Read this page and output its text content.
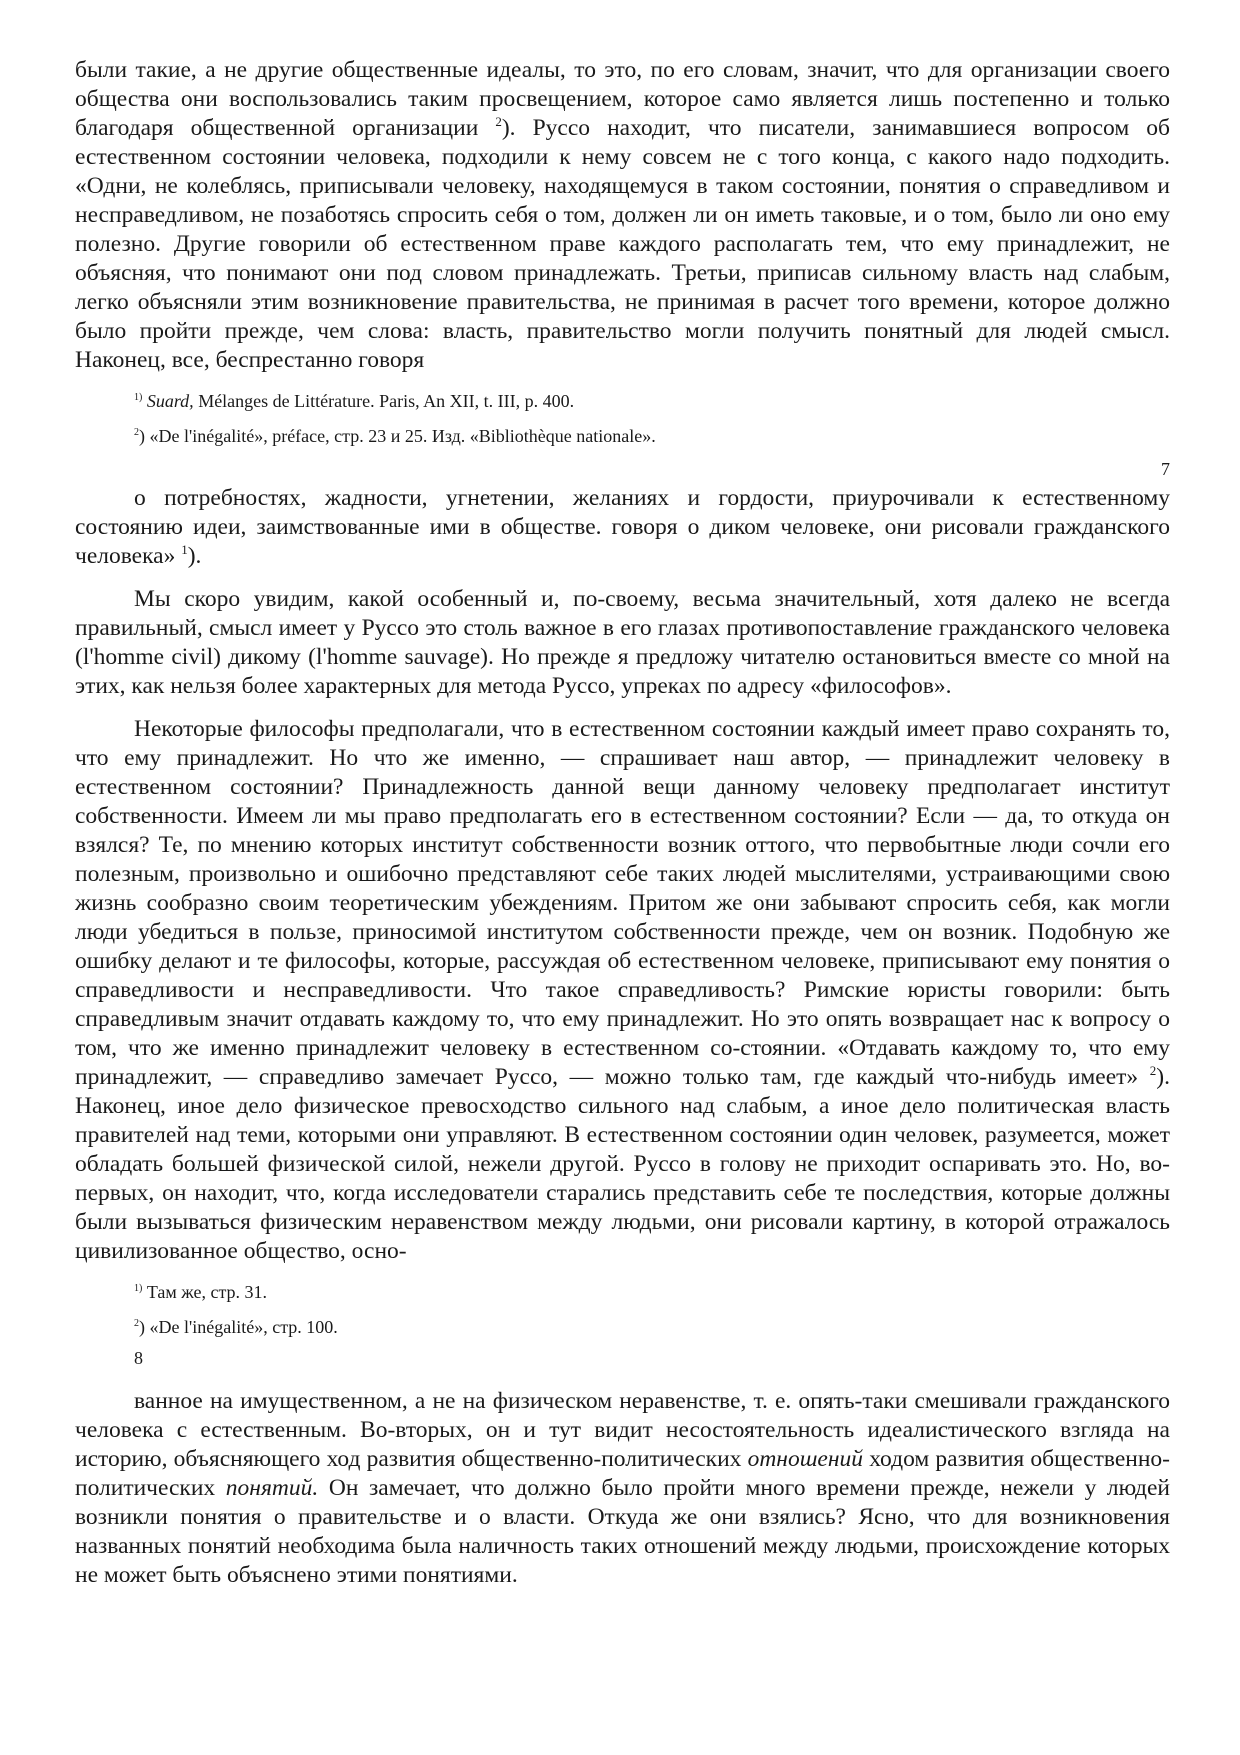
были такие, а не другие общественные идеалы, то это, по его словам, значит, что для организации своего общества они воспользовались таким просвещением, которое само является лишь постепенно и только благодаря общественной организации $^2$). Руссо находит, что писатели, занимавшиеся вопросом об естественном состоянии человека, подходили к нему совсем не с того конца, с какого надо подходить. «Одни, не колеблясь, приписывали человеку, находящемуся в таком состоянии, понятия о справедливом и несправедливом, не позаботясь спросить себя о том, должен ли он иметь таковые, и о том, было ли оно ему полезно. Другие говорили об естественном праве каждого располагать тем, что ему принадлежит, не объясняя, что понимают они под словом принадлежать. Третьи, приписав сильному власть над слабым, легко объясняли этим возникновение правительства, не принимая в расчет того времени, которое должно было пройти прежде, чем слова: власть, правительство могли получить понятный для людей смысл. Наконец, все, беспрестанно говоря

$^{1)}$ Suard, Mélanges de Littérature. Paris, An XII, t. III, p. 400.

$^2$) «De l'inégalité», préface, стр. 23 и 25. Изд. «Bibliothèque nationale».

7

о потребностях, жадности, угнетении, желаниях и гордости, приурочивали к естественному состоянию идеи, заимствованные ими в обществе. говоря о диком человеке, они рисовали гражданского человека» $^1$).

Мы скоро увидим, какой особенный и, по-своему, весьма значительный, хотя далеко не всегда правильный, смысл имеет у Руссо это столь важное в его глазах противопоставление гражданского человека (l'homme civil) дикому (l'homme sauvage). Но прежде я предложу читателю остановиться вместе со мной на этих, как нельзя более характерных для метода Руссо, упреках по адресу «философов».

Некоторые философы предполагали, что в естественном состоянии каждый имеет право сохранять то, что ему принадлежит. Но что же именно, — спрашивает наш автор, — принадлежит человеку в естественном состоянии? Принадлежность данной вещи данному человеку предполагает институт собственности. Имеем ли мы право предполагать его в естественном состоянии? Если — да, то откуда он взялся? Те, по мнению которых институт собственности возник оттого, что первобытные люди сочли его полезным, произвольно и ошибочно представляют себе таких людей мыслителями, устраивающими свою жизнь сообразно своим теоретическим убеждениям. Притом же они забывают спросить себя, как могли люди убедиться в пользе, приносимой институтом собственности прежде, чем он возник. Подобную же ошибку делают и те философы, которые, рассуждая об естественном человеке, приписывают ему понятия о справедливости и несправедливости. Что такое справедливость? Римские юристы говорили: быть справедливым значит отдавать каждому то, что ему принадлежит. Но это опять возвращает нас к вопросу о том, что же именно принадлежит человеку в естественном со-стоянии. «Отдавать каждому то, что ему принадлежит, — справедливо замечает Руссо, — можно только там, где каждый что-нибудь имеет» $^2$). Наконец, иное дело физическое превосходство сильного над слабым, а иное дело политическая власть правителей над теми, которыми они управляют. В естественном состоянии один человек, разумеется, может обладать большей физической силой, нежели другой. Руссо в голову не приходит оспаривать это. Но, во-первых, он находит, что, когда исследователи старались представить себе те последствия, которые должны были вызываться физическим неравенством между людьми, они рисовали картину, в которой отражалось цивилизованное общество, осно-

$^{1)}$ Там же, стр. 31.

$^2$) «De l'inégalité», стр. 100.

8

ванное на имущественном, а не на физическом неравенстве, т. е. опять-таки смешивали гражданского человека с естественным. Во-вторых, он и тут видит несостоятельность идеалистического взгляда на историю, объясняющего ход развития общественно-политических отношений ходом развития общественно-политических понятий. Он замечает, что должно было пройти много времени прежде, нежели у людей возникли понятия о правительстве и о власти. Откуда же они взялись? Ясно, что для возникновения названных понятий необходима была наличность таких отношений между людьми, происхождение которых не может быть объяснено этими понятиями.
